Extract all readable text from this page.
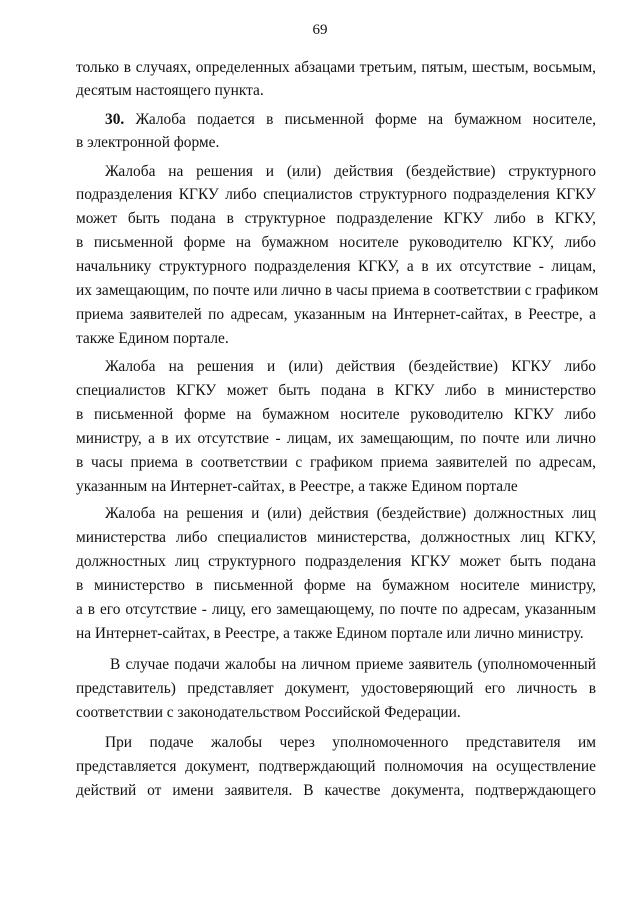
69
только в случаях, определенных абзацами третьим, пятым, шестым, восьмым,
десятым настоящего пункта.
30. Жалоба подается в письменной форме на бумажном носителе,
в электронной форме.
Жалоба на решения и (или) действия (бездействие) структурного
подразделения КГКУ либо специалистов структурного подразделения КГКУ
может быть подана в структурное подразделение КГКУ либо в КГКУ,
в письменной форме на бумажном носителе руководителю КГКУ, либо
начальнику структурного подразделения КГКУ, а в их отсутствие - лицам,
их замещающим, по почте или лично в часы приема в соответствии с графиком
приема заявителей по адресам, указанным на Интернет-сайтах, в Реестре, а
также Едином портале.
Жалоба на решения и (или) действия (бездействие) КГКУ либо
специалистов КГКУ может быть подана в КГКУ либо в министерство
в письменной форме на бумажном носителе руководителю КГКУ либо
министру, а в их отсутствие - лицам, их замещающим, по почте или лично
в часы приема в соответствии с графиком приема заявителей по адресам,
указанным на Интернет-сайтах, в Реестре, а также Едином портале
Жалоба на решения и (или) действия (бездействие) должностных лиц
министерства либо специалистов министерства, должностных лиц КГКУ,
должностных лиц структурного подразделения КГКУ может быть подана
в министерство в письменной форме на бумажном носителе министру,
а в его отсутствие - лицу, его замещающему, по почте по адресам, указанным
на Интернет-сайтах, в Реестре, а также Едином портале или лично министру.
В случае подачи жалобы на личном приеме заявитель (уполномоченный
представитель) представляет документ, удостоверяющий его личность в
соответствии с законодательством Российской Федерации.
При подаче жалобы через уполномоченного представителя им
представляется документ, подтверждающий полномочия на осуществление
действий от имени заявителя. В качестве документа, подтверждающего
